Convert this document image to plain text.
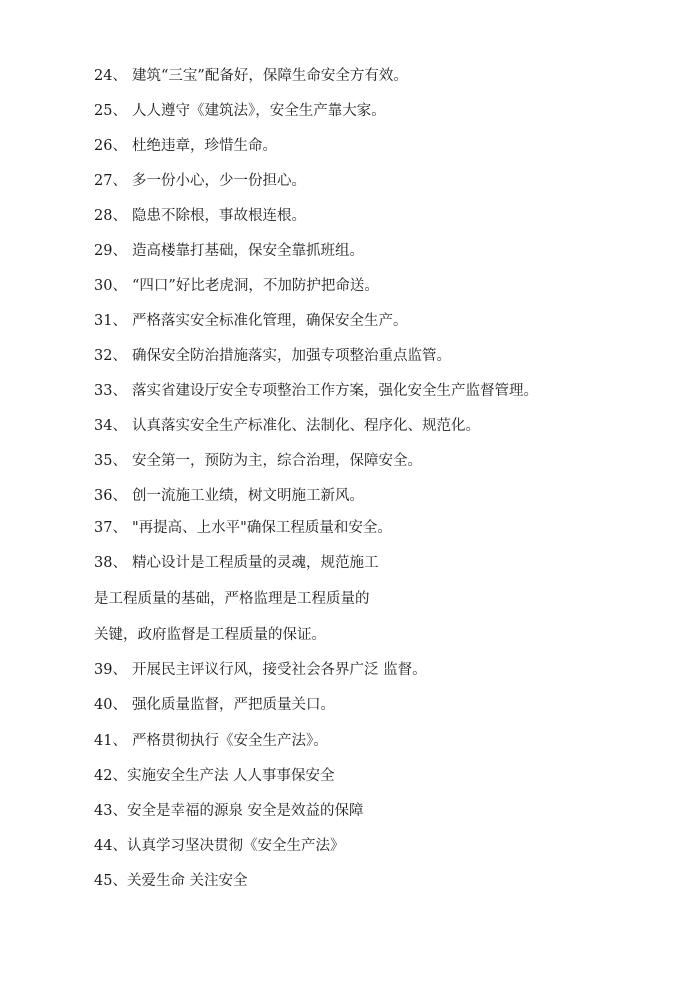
24、 建筑“三宝”配备好，保障生命安全方有效。
25、 人人遵守《建筑法》，安全生产靠大家。
26、 杜绝违章，珍惜生命。
27、 多一份小心，少一份担心。
28、 隐患不除根，事故根连根。
29、 造高楼靠打基础，保安全靠抓班组。
30、 “四口”好比老虎洞，不加防护把命送。
31、 严格落实安全标准化管理，确保安全生产。
32、 确保安全防治措施落实，加强专项整治重点监管。
33、 落实省建设厅安全专项整治工作方案，强化安全生产监督管理。
34、 认真落实安全生产标准化、法制化、程序化、规范化。
35、 安全第一，预防为主，综合治理，保障安全。
36、 创一流施工业绩，树文明施工新风。
37、 "再提高、上水平"确保工程质量和安全。
38、 精心设计是工程质量的灵魂，规范施工
是工程质量的基础，严格监理是工程质量的
关键，政府监督是工程质量的保证。
39、 开展民主评议行风，接受社会各界广泛 监督。
40、 强化质量监督，严把质量关口。
41、 严格贯彻执行《安全生产法》。
42、实施安全生产法 人人事事保安全
43、安全是幸福的源泉 安全是效益的保障
44、认真学习坚决贯彻《安全生产法》
45、关爱生命 关注安全
